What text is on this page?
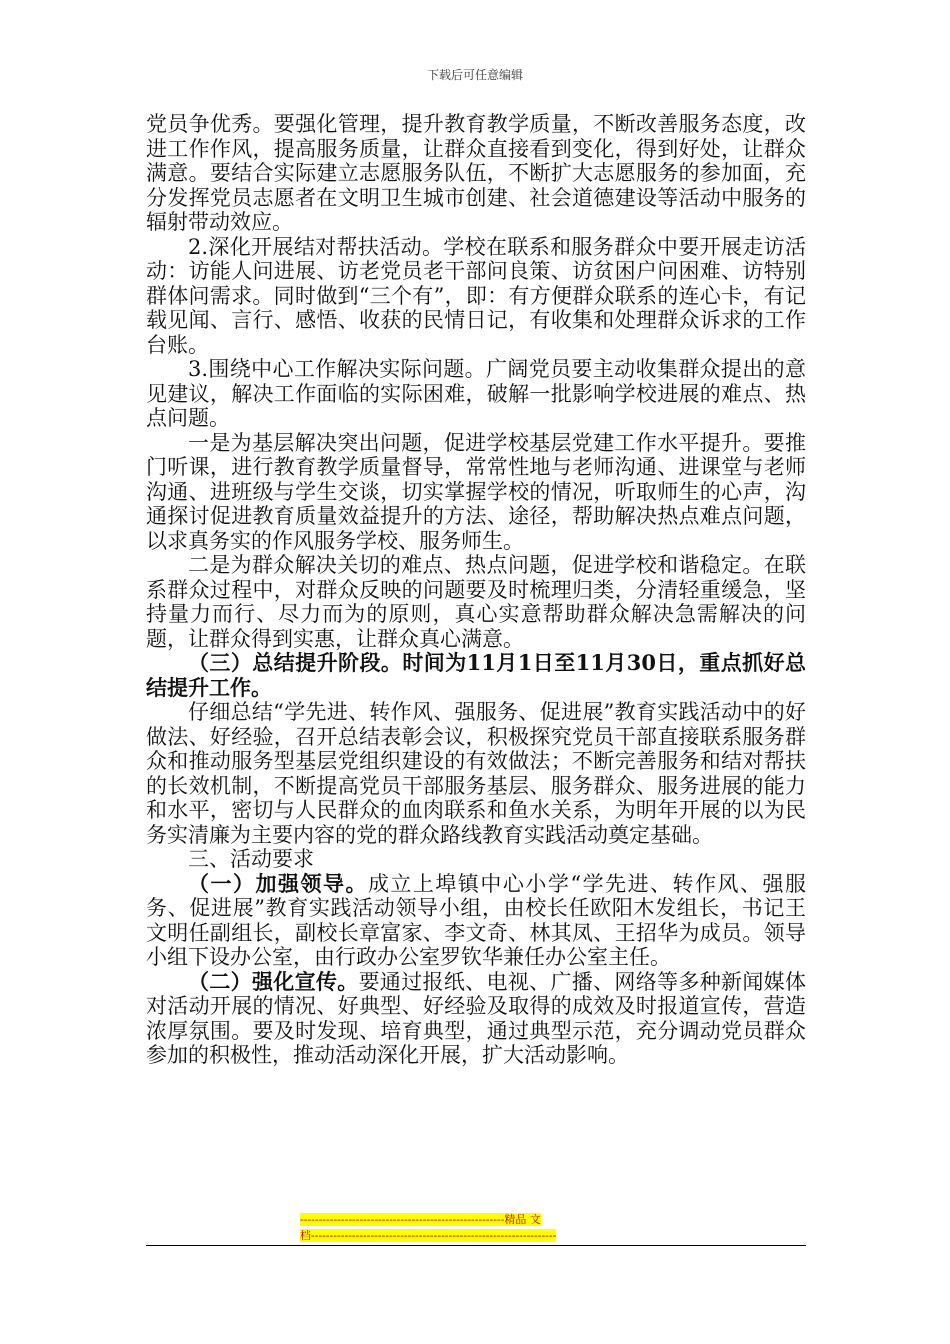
下载后可任意编辑

党员争优秀。要强化管理，提升教育教学质量，不断改善服务态度，改进工作作风，提高服务质量，让群众直接看到变化，得到好处，让群众满意。要结合实际建立志愿服务队伍，不断扩大志愿服务的参加面，充分发挥党员志愿者在文明卫生城市创建、社会道德建设等活动中服务的辐射带动效应。

2.深化开展结对帮扶活动。学校在联系和服务群众中要开展走访活动：访能人问进展、访老党员老干部问良策、访贫困户问困难、访特别群体问需求。同时做到“三个有”，即：有方便群众联系的连心卡，有记载见闻、言行、感悟、收获的民情日记，有收集和处理群众诉求的工作台账。

3.围绕中心工作解决实际问题。广阔党员要主动收集群众提出的意见建议，解决工作面临的实际困难，破解一批影响学校进展的难点、热点问题。

一是为基层解决突出问题，促进学校基层党建工作水平提升。要推门听课，进行教育教学质量督导，常常性地与老师沟通、进课堂与老师沟通、进班级与学生交谈，切实掌握学校的情况，听取师生的心声，沟通探讨促进教育质量效益提升的方法、途径，帮助解决热点难点问题，以求真务实的作风服务学校、服务师生。

二是为群众解决关切的难点、热点问题，促进学校和谐稳定。在联系群众过程中，对群众反映的问题要及时梳理归类，分清轻重缓急，坚持量力而行、尽力而为的原则，真心实意帮助群众解决急需解决的问题，让群众得到实惠，让群众真心满意。

（三）总结提升阶段。时间为11月1日至11月30日，重点抓好总结提升工作。

仔细总结“学先进、转作风、强服务、促进展”教育实践活动中的好做法、好经验，召开总结表彰会议，积极探究党员干部直接联系服务群众和推动服务型基层党组织建设的有效做法；不断完善服务和结对帮扶的长效机制，不断提高党员干部服务基层、服务群众、服务进展的能力和水平，密切与人民群众的血肉联系和鱼水关系，为明年开展的以为民务实清廉为主要内容的党的群众路线教育实践活动奠定基础。

三、活动要求

（一）加强领导。成立上埠镇中心小学“学先进、转作风、强服务、促进展”教育实践活动领导小组，由校长任欧阳木发组长，书记王文明任副组长，副校长章富家、李文奇、林其凤、王招华为成员。领导小组下设办公室，由行政办公室罗钦华兼任办公室主任。

（二）强化宣传。要通过报纸、电视、广播、网络等多种新闻媒体对活动开展的情况、好典型、好经验及取得的成效及时报道宣传，营造浓厚氛围。要及时发现、培育典型，通过典型示范，充分调动党员群众参加的积极性，推动活动深化开展，扩大活动影响。

-------------------------------------------------------精品 文
档------------------------------------------------------------------
